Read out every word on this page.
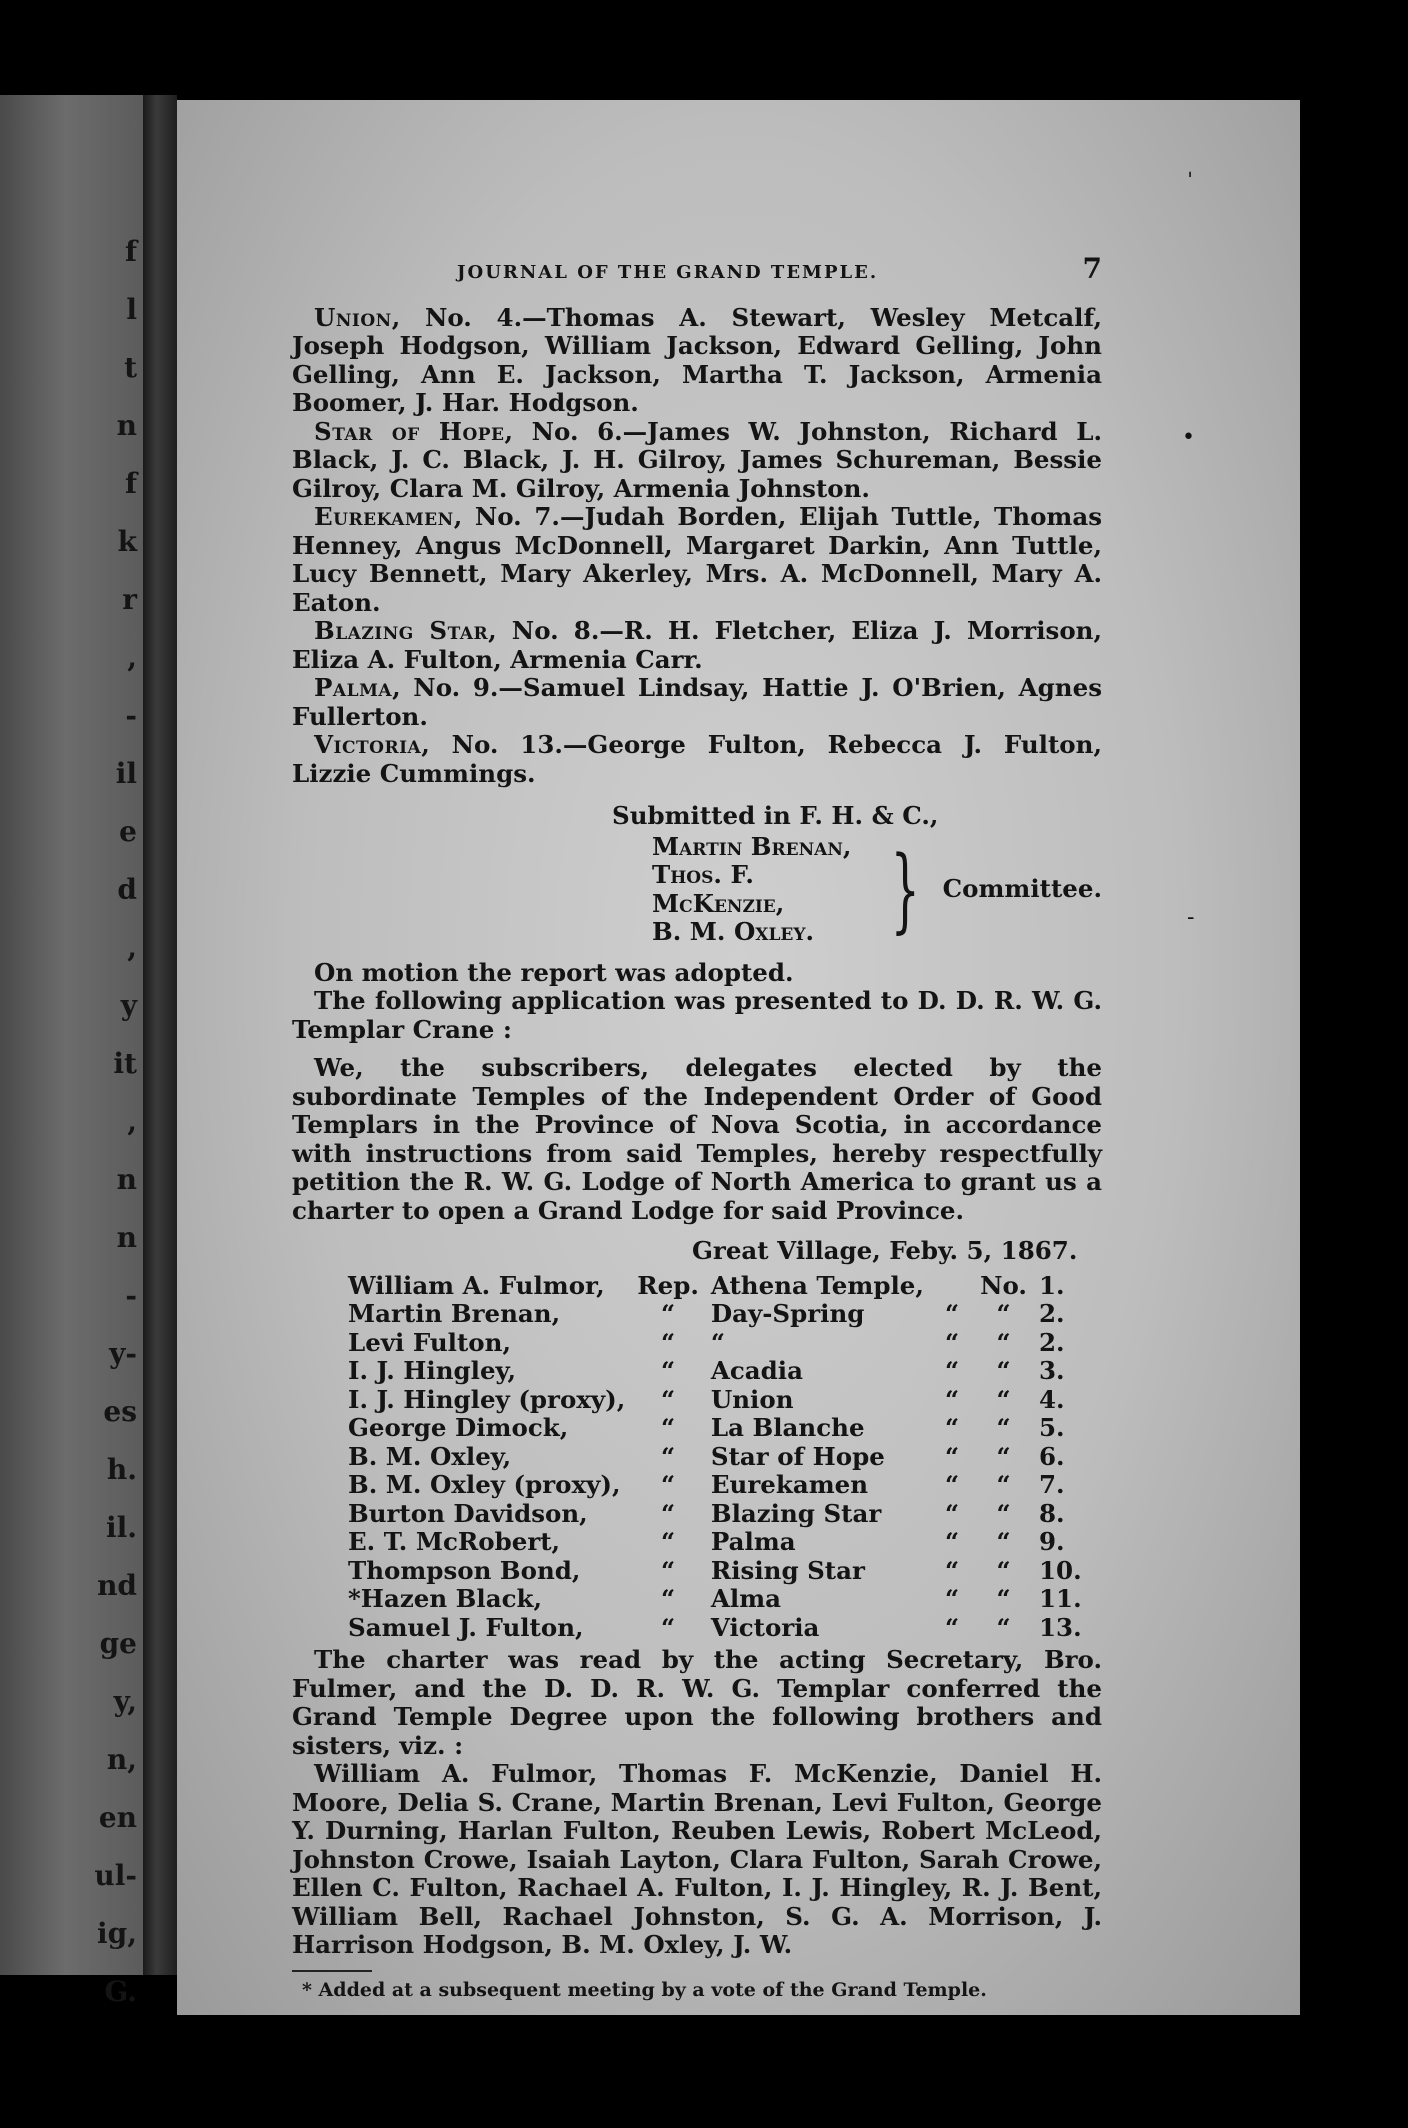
f
l
t
n
f
k
r
,
-
il
e
d
,
y
it
,
n
n
-
y-
es
h.
il.
nd
ge
y,
n,
en
ul-
ig,
G.
JOURNAL OF THE GRAND TEMPLE.	7

Union, No. 4.—Thomas A. Stewart, Wesley Metcalf, Joseph Hodgson, William Jackson, Edward Gelling, John Gelling, Ann E. Jackson, Martha T. Jackson, Armenia Boomer, J. Har. Hodgson.

Star of Hope, No. 6.—James W. Johnston, Richard L. Black, J. C. Black, J. H. Gilroy, James Schureman, Bessie Gilroy, Clara M. Gilroy, Armenia Johnston.

Eurekamen, No. 7.—Judah Borden, Elijah Tuttle, Thomas Henney, Angus McDonnell, Margaret Darkin, Ann Tuttle, Lucy Bennett, Mary Akerley, Mrs. A. McDonnell, Mary A. Eaton.

Blazing Star, No. 8.—R. H. Fletcher, Eliza J. Morrison, Eliza A. Fulton, Armenia Carr.

Palma, No. 9.—Samuel Lindsay, Hattie J. O'Brien, Agnes Fullerton.

Victoria, No. 13.—George Fulton, Rebecca J. Fulton, Lizzie Cummings.

Submitted in F. H. & C.,
Martin Brenan,
Thos. F. McKenzie,
B. M. Oxley. } Committee.

On motion the report was adopted.

The following application was presented to D. D. R. W. G. Templar Crane :

We, the subscribers, delegates elected by the subordinate Temples of the Independent Order of Good Templars in the Province of Nova Scotia, in accordance with instructions from said Temples, hereby respectfully petition the R. W. G. Lodge of North America to grant us a charter to open a Grand Lodge for said Province.

Great Village, Feby. 5, 1867.
William A. Fulmor,	Rep.	Athena Temple,		No.	1.
Martin Brenan,	“	Day-Spring	“	“	2.
Levi Fulton,	“	“	“	“	2.
I. J. Hingley,	“	Acadia	“	“	3.
I. J. Hingley (proxy),	“	Union	“	“	4.
George Dimock,	“	La Blanche	“	“	5.
B. M. Oxley,	“	Star of Hope	“	“	6.
B. M. Oxley (proxy),	“	Eurekamen	“	“	7.
Burton Davidson,	“	Blazing Star	“	“	8.
E. T. McRobert,	“	Palma	“	“	9.
Thompson Bond,	“	Rising Star	“	“	10.
*Hazen Black,	“	Alma	“	“	11.
Samuel J. Fulton,	“	Victoria	“	“	13.

The charter was read by the acting Secretary, Bro. Fulmer, and the D. D. R. W. G. Templar conferred the Grand Temple Degree upon the following brothers and sisters, viz. :

William A. Fulmor, Thomas F. McKenzie, Daniel H. Moore, Delia S. Crane, Martin Brenan, Levi Fulton, George Y. Durning, Harlan Fulton, Reuben Lewis, Robert McLeod, Johnston Crowe, Isaiah Layton, Clara Fulton, Sarah Crowe, Ellen C. Fulton, Rachael A. Fulton, I. J. Hingley, R. J. Bent, William Bell, Rachael Johnston, S. G. A. Morrison, J. Harrison Hodgson, B. M. Oxley, J. W.

* Added at a subsequent meeting by a vote of the Grand Temple.
ˈ
•
-
